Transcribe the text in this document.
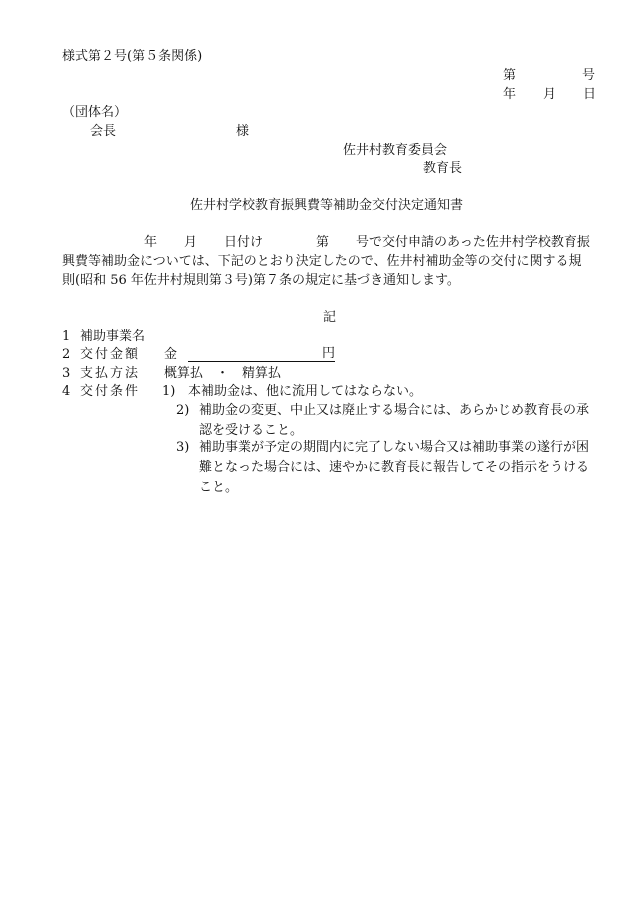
様式第２号(第５条関係)
第	号
年 月 日
（団体名）
会長	様
佐井村教育委員会
教育長
佐井村学校教育振興費等補助金交付決定通知書
年 月 日付け	第 号で交付申請のあった佐井村学校教育振
興費等補助金については、下記のとおり決定したので、佐井村補助金等の交付に関する規
則(昭和 56 年佐井村規則第３号)第７条の規定に基づき通知します。
記
1 補助事業名
2 交付金額 金	円
3 支払方法 概算払　・　精算払
4 交付条件 1) 本補助金は、他に流用してはならない。
2) 補助金の変更、中止又は廃止する場合には、あらかじめ教育長の承認を受けること。
3) 補助事業が予定の期間内に完了しない場合又は補助事業の遂行が困難となった場合には、速やかに教育長に報告してその指示をうけること。
